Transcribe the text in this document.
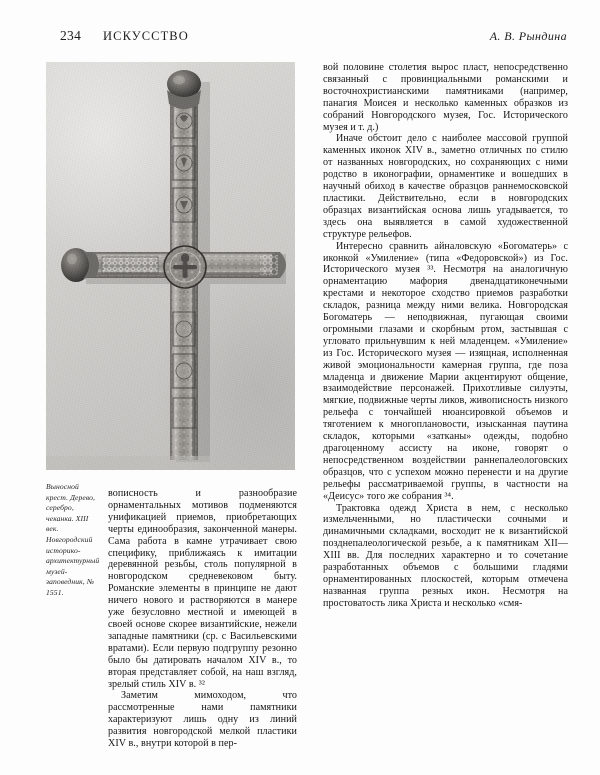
234 ИСКУССТВО	А. В. Рындина
Выносной крест. Дерево, серебро, чеканка. XIII век. Новгородский историко-архитектурный музей-заповедник, № 1551.

вописность и разнообразие орнаментальных мотивов подменяются унификацией приемов, приобретающих черты единообразия, законченной манеры. Сама работа в камне утрачивает свою специфику, приближаясь к имитации деревянной резьбы, столь популярной в новгородском средневековом быту. Романские элементы в принципе не дают ничего нового и растворяются в манере уже безусловно местной и имеющей в своей основе скорее византийские, нежели западные памятники (ср. с Васильевскими вратами). Если первую подгруппу резонно было бы датировать началом XIV в., то вторая представляет собой, на наш взгляд, зрелый стиль XIV в. ³²

Заметим мимоходом, что рассмотренные нами памятники характеризуют лишь одну из линий развития новгородской мелкой пластики XIV в., внутри которой в пер-

вой половине столетия вырос пласт, непосредственно связанный с провинциальными романскими и восточнохристианскими памятниками (например, панагия Моисея и несколько каменных образков из собраний Новгородского музея, Гос. Исторического музея и т. д.)

Иначе обстоит дело с наиболее массовой группой каменных иконок XIV в., заметно отличных по стилю от названных новгородских, но сохраняющих с ними родство в иконографии, орнаментике и вошедших в научный обиход в качестве образцов раннемосковской пластики. Действительно, если в новгородских образцах византийская основа лишь угадывается, то здесь она выявляется в самой художественной структуре рельефов.

Интересно сравнить айналовскую «Богоматерь» с иконкой «Умиление» (типа «Федоровской») из Гос. Исторического музея ³³. Несмотря на аналогичную орнаментацию мафория двенадцатиконечными крестами и некоторое сходство приемов разработки складок, разница между ними велика. Новгородская Богоматерь — неподвижная, пугающая своими огромными глазами и скорбным ртом, застывшая с угловато прильнувшим к ней младенцем. «Умиление» из Гос. Исторического музея — изящная, исполненная живой эмоциональности камерная группа, где поза младенца и движение Марии акцентируют общение, взаимодействие персонажей. Прихотливые силуэты, мягкие, подвижные черты ликов, живописность низкого рельефа с тончайшей нюансировкой объемов и тяготением к многоплановости, изысканная паутина складок, которыми «затканы» одежды, подобно драгоценному ассисту на иконе, говорят о непосредственном воздействии раннепалеологовских образцов, что с успехом можно перенести и на другие рельефы рассматриваемой группы, в частности на «Деисус» того же собрания ³⁴.

Трактовка одежд Христа в нем, с несколько измельченными, но пластически сочными и динамичными складками, восходит не к византийской позднепалеологической резьбе, а к памятникам XII—XIII вв. Для последних характерно и то сочетание разработанных объемов с большими гладями орнаментированных плоскостей, которым отмечена названная группа резных икон. Несмотря на простоватость лика Христа и несколько «смя-
